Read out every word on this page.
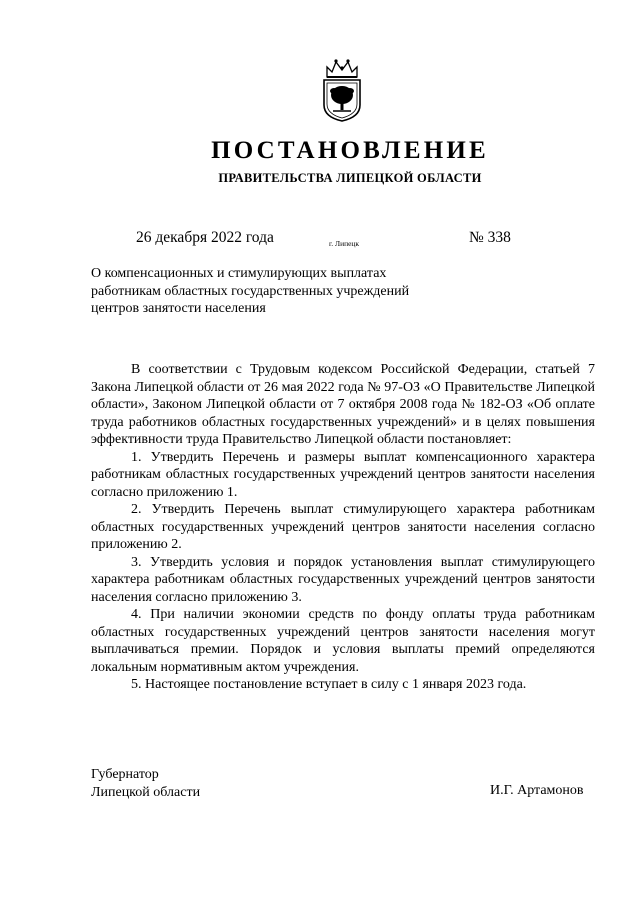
ПОСТАНОВЛЕНИЕ
ПРАВИТЕЛЬСТВА ЛИПЕЦКОЙ ОБЛАСТИ
26 декабря 2022 года	г. Липецк	№ 338
О компенсационных и стимулирующих выплатах
работникам областных государственных учреждений
центров занятости населения

В соответствии с Трудовым кодексом Российской Федерации, статьей 7 Закона Липецкой области от 26 мая 2022 года № 97-ОЗ «О Правительстве Липецкой области», Законом Липецкой области от 7 октября 2008 года № 182-ОЗ «Об оплате труда работников областных государственных учреждений» и в целях повышения эффективности труда Правительство Липецкой области постановляет:

1. Утвердить Перечень и размеры выплат компенсационного характера работникам областных государственных учреждений центров занятости населения согласно приложению 1.

2. Утвердить Перечень выплат стимулирующего характера работникам областных государственных учреждений центров занятости населения согласно приложению 2.

3. Утвердить условия и порядок установления выплат стимулирующего характера работникам областных государственных учреждений центров занятости населения согласно приложению 3.

4. При наличии экономии средств по фонду оплаты труда работникам областных государственных учреждений центров занятости населения могут выплачиваться премии. Порядок и условия выплаты премий определяются локальным нормативным актом учреждения.

5. Настоящее постановление вступает в силу с 1 января 2023 года.

Губернатор
Липецкой области	И.Г. Артамонов
